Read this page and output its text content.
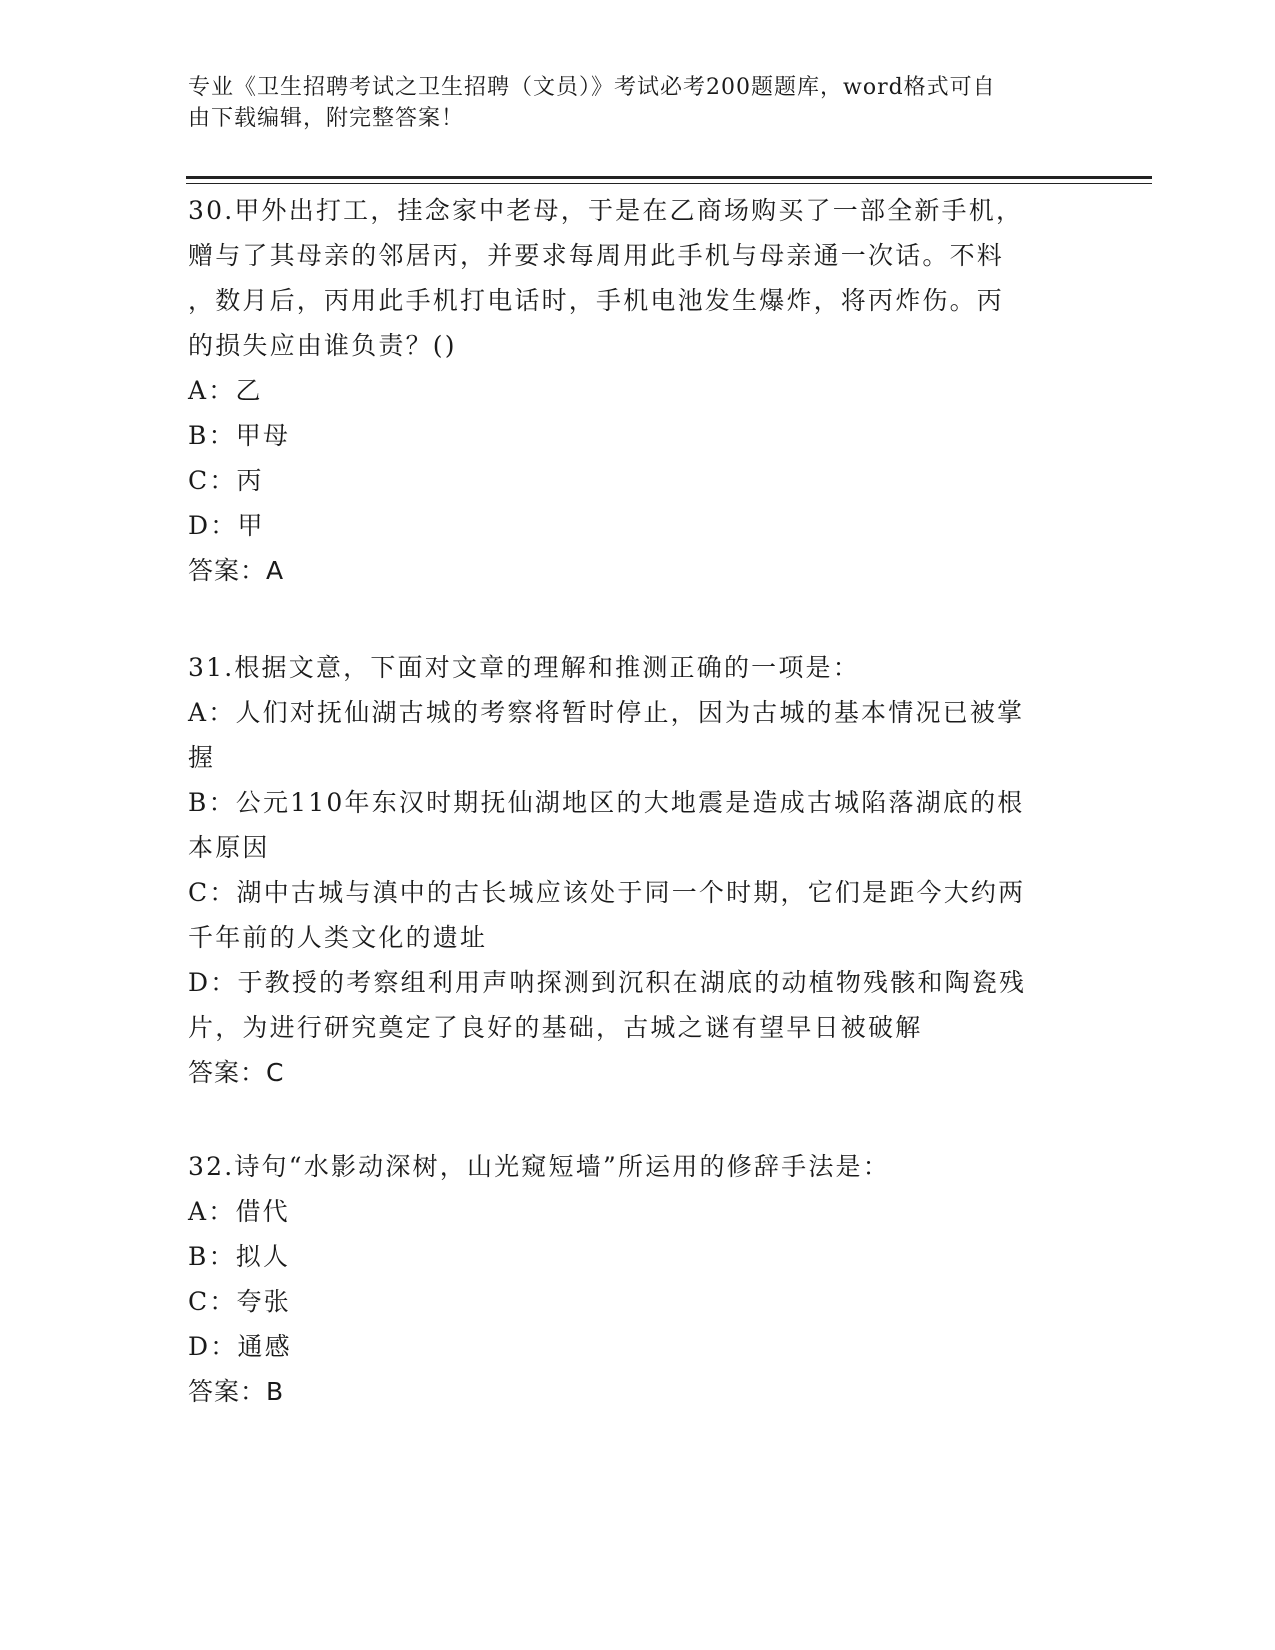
专业《卫生招聘考试之卫生招聘（文员）》考试必考200题题库，word格式可自
由下载编辑，附完整答案！
30.甲外出打工，挂念家中老母，于是在乙商场购买了一部全新手机，
赠与了其母亲的邻居丙，并要求每周用此手机与母亲通一次话。不料
，数月后，丙用此手机打电话时，手机电池发生爆炸，将丙炸伤。丙
的损失应由谁负责？()
A：乙
B：甲母
C：丙
D：甲
答案：A
31.根据文意，下面对文章的理解和推测正确的一项是：
A：人们对抚仙湖古城的考察将暂时停止，因为古城的基本情况已被掌
握
B：公元110年东汉时期抚仙湖地区的大地震是造成古城陷落湖底的根
本原因
C：湖中古城与滇中的古长城应该处于同一个时期，它们是距今大约两
千年前的人类文化的遗址
D：于教授的考察组利用声呐探测到沉积在湖底的动植物残骸和陶瓷残
片，为进行研究奠定了良好的基础，古城之谜有望早日被破解
答案：C
32.诗句“水影动深树，山光窥短墙”所运用的修辞手法是：
A：借代
B：拟人
C：夸张
D：通感
答案：B
